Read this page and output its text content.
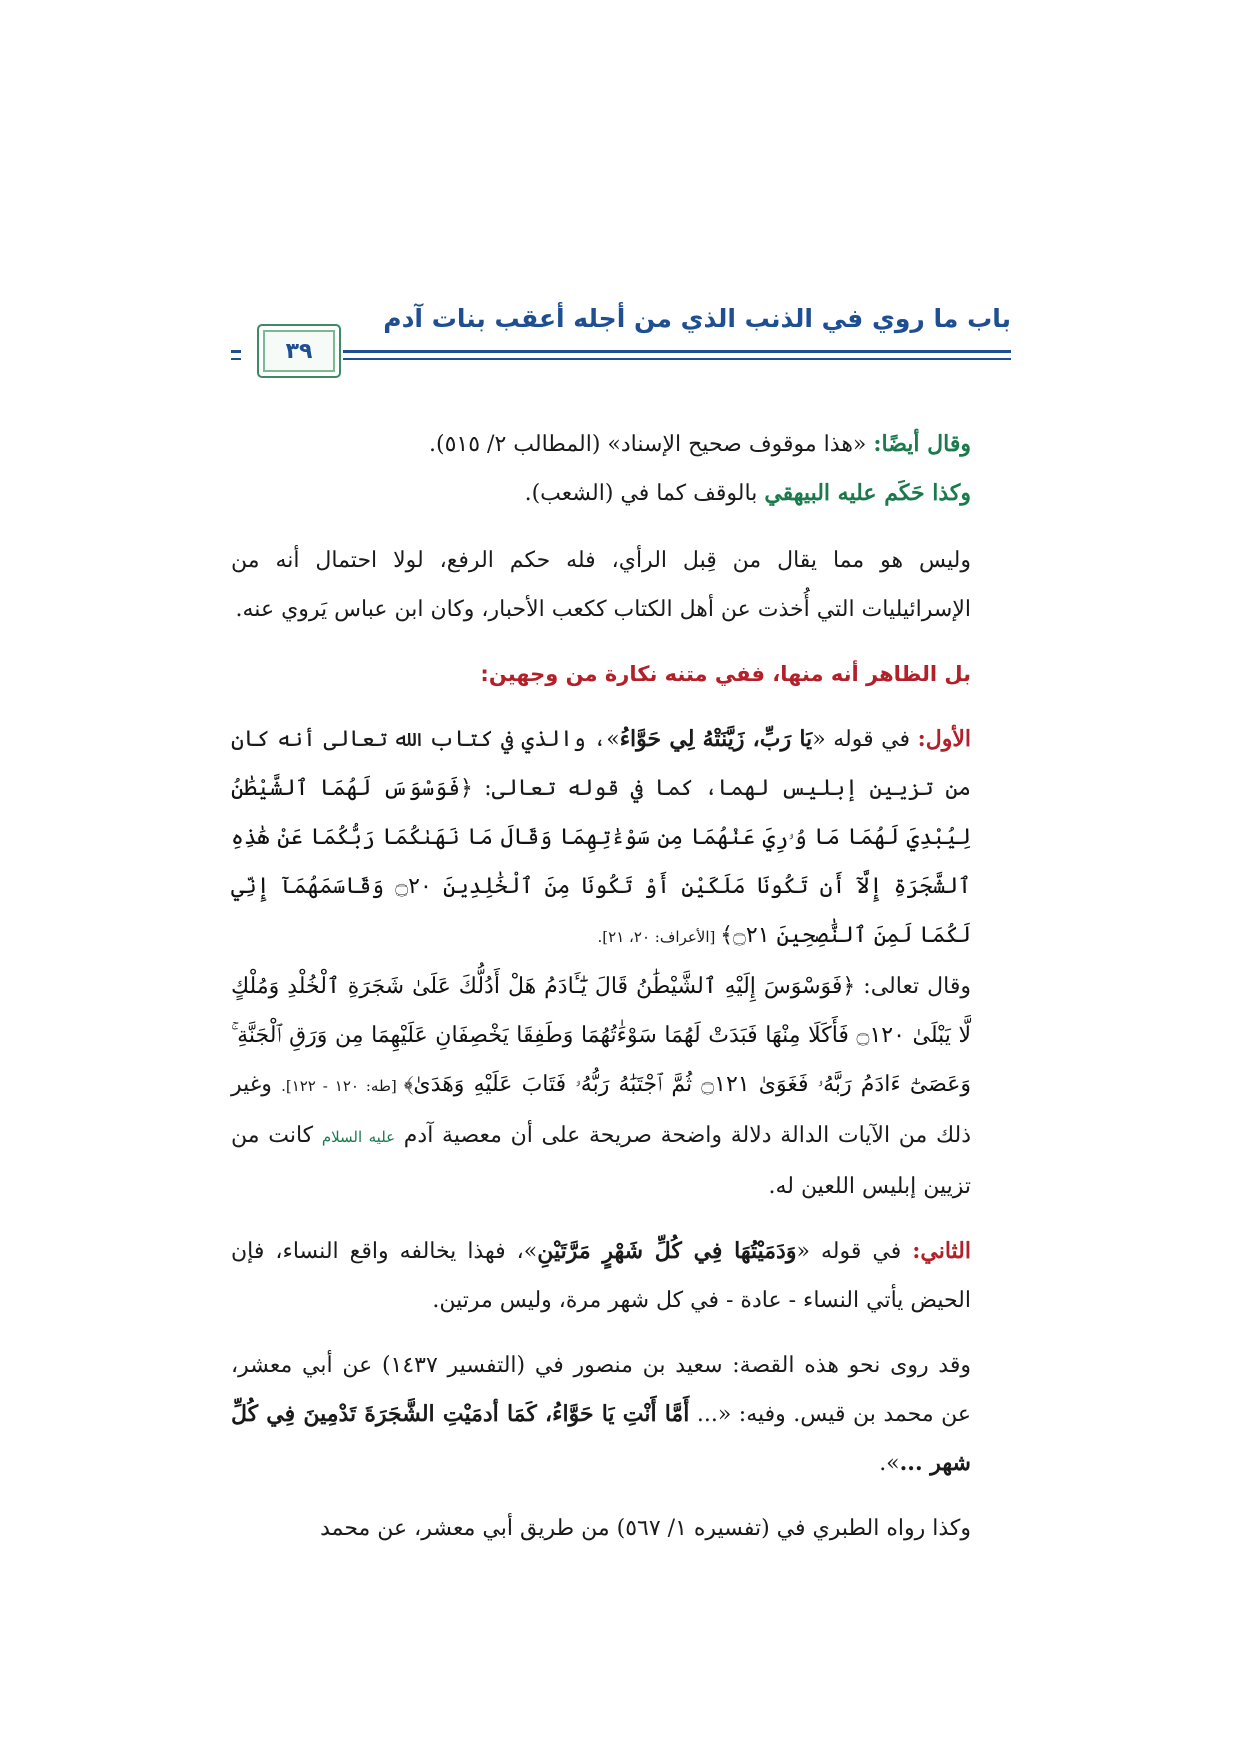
باب ما روي في الذنب الذي من أجله أعقب بنات آدم
٣٩

وقال أيضًا: «هذا موقوف صحيح الإسناد» (المطالب ٢/ ٥١٥).

وكذا حَكَم عليه البيهقي بالوقف كما في (الشعب).

وليس هو مما يقال من قِبل الرأي، فله حكم الرفع، لولا احتمال أنه من الإسرائيليات التي أُخذت عن أهل الكتاب ككعب الأحبار، وكان ابن عباس يَروي عنه.

بل الظاهر أنه منها، ففي متنه نكارة من وجهين:

الأول: في قوله «يَا رَبِّ، زَيَّنَتْهُ لِي حَوَّاءُ»، والذي في كتاب الله تعالى أنه كان من تزيين إبليس لهما، كما في قوله تعالى: ﴿فَوَسْوَسَ لَهُمَا ٱلشَّيْطَٰنُ لِيُبْدِيَ لَهُمَا مَا وُۥرِيَ عَنْهُمَا مِن سَوْءَٰتِهِمَا وَقَالَ مَا نَهَىٰكُمَا رَبُّكُمَا عَنْ هَٰذِهِ ٱلشَّجَرَةِ إِلَّآ أَن تَكُونَا مَلَكَيْنِ أَوْ تَكُونَا مِنَ ٱلْخَٰلِدِينَ ۝٢٠ وَقَاسَمَهُمَآ إِنِّي لَكُمَا لَمِنَ ٱلنَّٰصِحِينَ ۝٢١﴾ [الأعراف: ٢٠، ٢١].

وقال تعالى: ﴿فَوَسْوَسَ إِلَيْهِ ٱلشَّيْطَٰنُ قَالَ يَٰٓـَٔادَمُ هَلْ أَدُلُّكَ عَلَىٰ شَجَرَةِ ٱلْخُلْدِ وَمُلْكٍ لَّا يَبْلَىٰ ۝١٢٠ فَأَكَلَا مِنْهَا فَبَدَتْ لَهُمَا سَوْءَٰتُهُمَا وَطَفِقَا يَخْصِفَانِ عَلَيْهِمَا مِن وَرَقِ ٱلْجَنَّةِ ۚ وَعَصَىٰٓ ءَادَمُ رَبَّهُۥ فَغَوَىٰ ۝١٢١ ثُمَّ ٱجْتَبَٰهُ رَبُّهُۥ فَتَابَ عَلَيْهِ وَهَدَىٰ﴾ [طه: ١٢٠ - ١٢٢]. وغير ذلك من الآيات الدالة دلالة واضحة صريحة على أن معصية آدم عليه السلام كانت من تزيين إبليس اللعين له.

الثاني: في قوله «وَدَمَيْتُهَا فِي كُلِّ شَهْرٍ مَرَّتَيْنِ»، فهذا يخالفه واقع النساء، فإن الحيض يأتي النساء - عادة - في كل شهر مرة، وليس مرتين.

وقد روى نحو هذه القصة: سعيد بن منصور في (التفسير ١٤٣٧) عن أبي معشر، عن محمد بن قيس. وفيه: «... أَمَّا أَنْتِ يَا حَوَّاءُ، كَمَا أدمَيْتِ الشَّجَرَةَ تَدْمِينَ فِي كُلِّ شهر ...».

وكذا رواه الطبري في (تفسيره ١/ ٥٦٧) من طريق أبي معشر، عن محمد
